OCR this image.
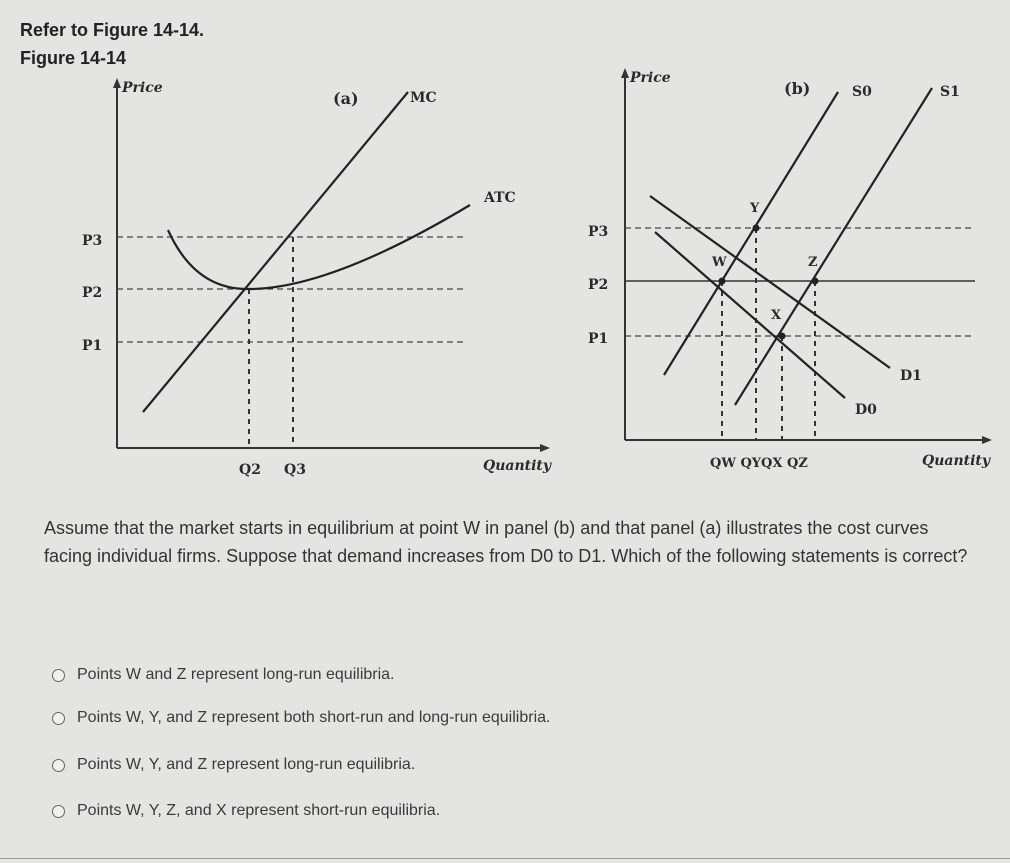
Refer to Figure 14-14.
Figure 14-14
Price
Quantity
(a)
P3
P2
P1
Q2 Q3
MC
ATC
Price
Quantity
(b)
P3
P2
P1
QW QYQX QZ
S0	S1
D1
D0
Y
W	Z
X
Assume that the market starts in equilibrium at point W in panel (b) and that panel (a) illustrates the cost curves facing individual firms. Suppose that demand increases from D0 to D1. Which of the following statements is correct?
Points W and Z represent long-run equilibria.
Points W, Y, and Z represent both short-run and long-run equilibria.
Points W, Y, and Z represent long-run equilibria.
Points W, Y, Z, and X represent short-run equilibria.
